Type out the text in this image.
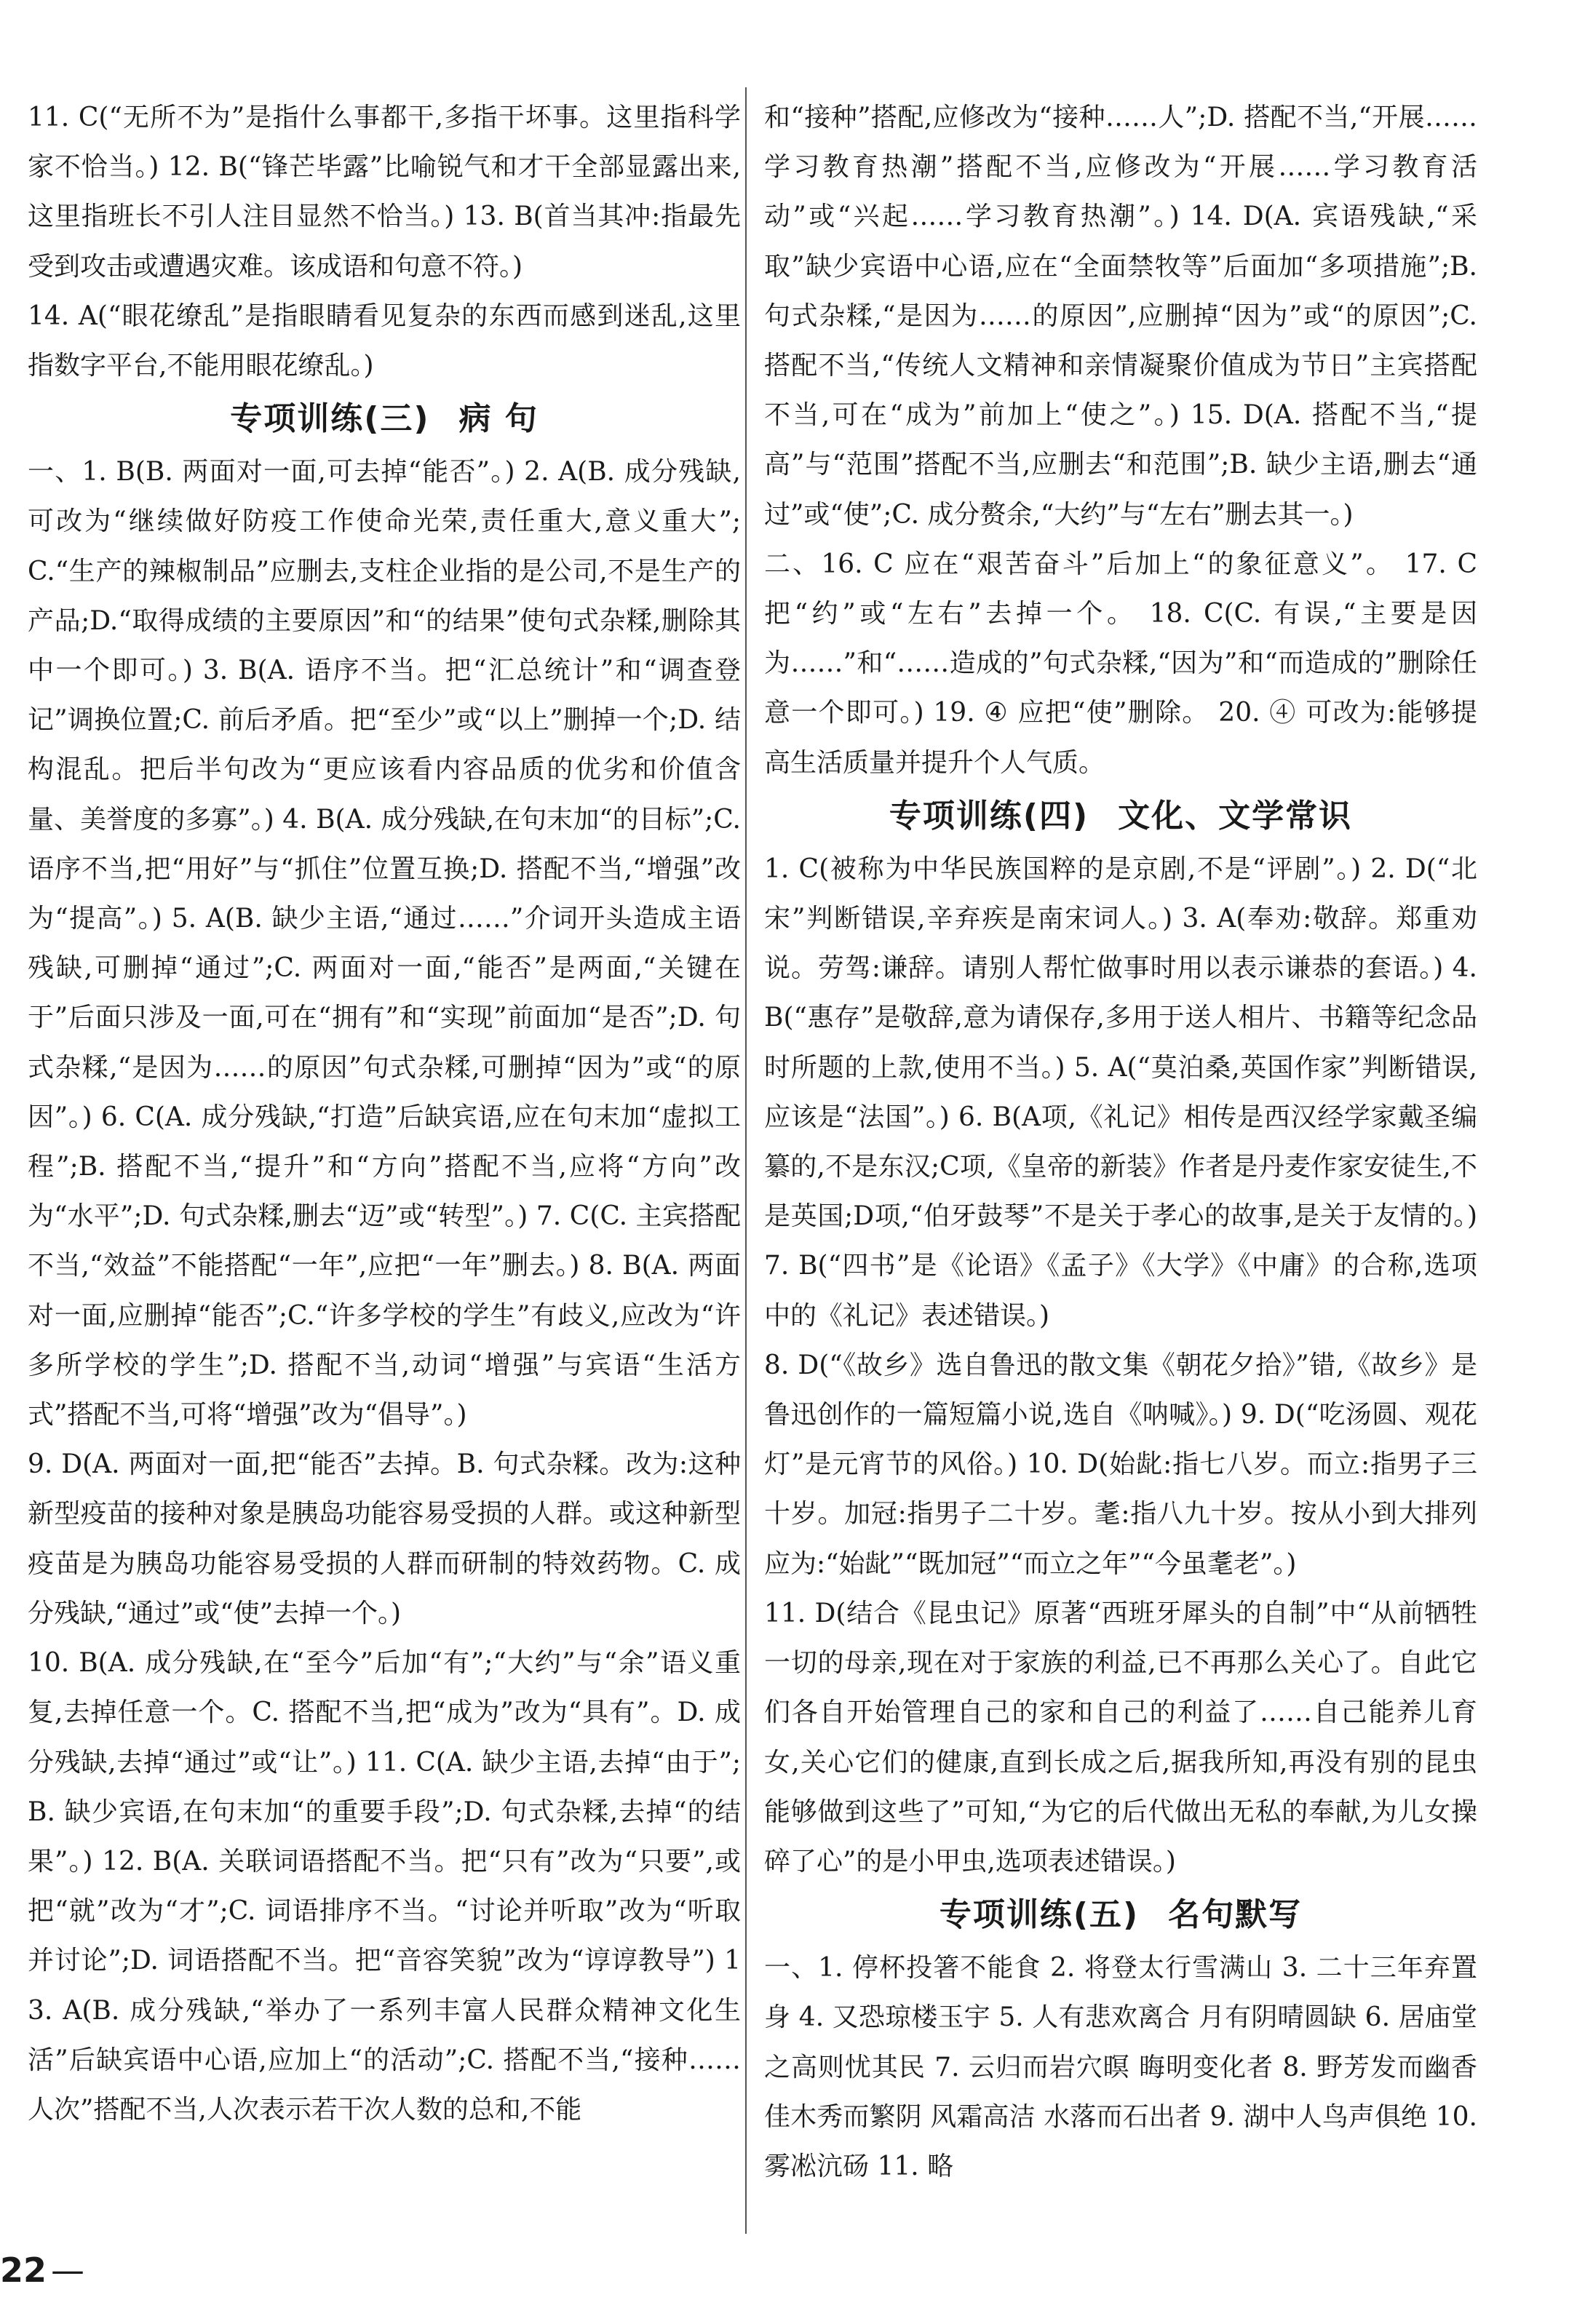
11. C(“无所不为”是指什么事都干,多指干坏事。这里指科学家不恰当。) 12. B(“锋芒毕露”比喻锐气和才干全部显露出来,这里指班长不引人注目显然不恰当。) 13. B(首当其冲:指最先受到攻击或遭遇灾难。该成语和句意不符。)

14. A(“眼花缭乱”是指眼睛看见复杂的东西而感到迷乱,这里指数字平台,不能用眼花缭乱。)

专项训练(三) 病 句

一、1. B(B. 两面对一面,可去掉“能否”。) 2. A(B. 成分残缺,可改为“继续做好防疫工作使命光荣,责任重大,意义重大”;C.“生产的辣椒制品”应删去,支柱企业指的是公司,不是生产的产品;D.“取得成绩的主要原因”和“的结果”使句式杂糅,删除其中一个即可。) 3. B(A. 语序不当。把“汇总统计”和“调查登记”调换位置;C. 前后矛盾。把“至少”或“以上”删掉一个;D. 结构混乱。把后半句改为“更应该看内容品质的优劣和价值含量、美誉度的多寡”。) 4. B(A. 成分残缺,在句末加“的目标”;C. 语序不当,把“用好”与“抓住”位置互换;D. 搭配不当,“增强”改为“提高”。) 5. A(B. 缺少主语,“通过……”介词开头造成主语残缺,可删掉“通过”;C. 两面对一面,“能否”是两面,“关键在于”后面只涉及一面,可在“拥有”和“实现”前面加“是否”;D. 句式杂糅,“是因为……的原因”句式杂糅,可删掉“因为”或“的原因”。) 6. C(A. 成分残缺,“打造”后缺宾语,应在句末加“虚拟工程”;B. 搭配不当,“提升”和“方向”搭配不当,应将“方向”改为“水平”;D. 句式杂糅,删去“迈”或“转型”。) 7. C(C. 主宾搭配不当,“效益”不能搭配“一年”,应把“一年”删去。) 8. B(A. 两面对一面,应删掉“能否”;C.“许多学校的学生”有歧义,应改为“许多所学校的学生”;D. 搭配不当,动词“增强”与宾语“生活方式”搭配不当,可将“增强”改为“倡导”。)

9. D(A. 两面对一面,把“能否”去掉。B. 句式杂糅。改为:这种新型疫苗的接种对象是胰岛功能容易受损的人群。或这种新型疫苗是为胰岛功能容易受损的人群而研制的特效药物。C. 成分残缺,“通过”或“使”去掉一个。)

10. B(A. 成分残缺,在“至今”后加“有”;“大约”与“余”语义重复,去掉任意一个。C. 搭配不当,把“成为”改为“具有”。D. 成分残缺,去掉“通过”或“让”。) 11. C(A. 缺少主语,去掉“由于”;B. 缺少宾语,在句末加“的重要手段”;D. 句式杂糅,去掉“的结果”。) 12. B(A. 关联词语搭配不当。把“只有”改为“只要”,或把“就”改为“才”;C. 词语排序不当。“讨论并听取”改为“听取并讨论”;D. 词语搭配不当。把“音容笑貌”改为“谆谆教导”) 13. A(B. 成分残缺,“举办了一系列丰富人民群众精神文化生活”后缺宾语中心语,应加上“的活动”;C. 搭配不当,“接种……人次”搭配不当,人次表示若干次人数的总和,不能

和“接种”搭配,应修改为“接种……人”;D. 搭配不当,“开展……学习教育热潮”搭配不当,应修改为“开展……学习教育活动”或“兴起……学习教育热潮”。) 14. D(A. 宾语残缺,“采取”缺少宾语中心语,应在“全面禁牧等”后面加“多项措施”;B. 句式杂糅,“是因为……的原因”,应删掉“因为”或“的原因”;C. 搭配不当,“传统人文精神和亲情凝聚价值成为节日”主宾搭配不当,可在“成为”前加上“使之”。) 15. D(A. 搭配不当,“提高”与“范围”搭配不当,应删去“和范围”;B. 缺少主语,删去“通过”或“使”;C. 成分赘余,“大约”与“左右”删去其一。)

二、16. C 应在“艰苦奋斗”后加上“的象征意义”。 17. C 把“约”或“左右”去掉一个。 18. C(C. 有误,“主要是因为……”和“……造成的”句式杂糅,“因为”和“而造成的”删除任意一个即可。) 19. ④ 应把“使”删除。 20. ④ 可改为:能够提高生活质量并提升个人气质。

专项训练(四) 文化、文学常识

1. C(被称为中华民族国粹的是京剧,不是“评剧”。) 2. D(“北宋”判断错误,辛弃疾是南宋词人。) 3. A(奉劝:敬辞。郑重劝说。劳驾:谦辞。请别人帮忙做事时用以表示谦恭的套语。) 4. B(“惠存”是敬辞,意为请保存,多用于送人相片、书籍等纪念品时所题的上款,使用不当。) 5. A(“莫泊桑,英国作家”判断错误,应该是“法国”。) 6. B(A项,《礼记》相传是西汉经学家戴圣编纂的,不是东汉;C项,《皇帝的新装》作者是丹麦作家安徒生,不是英国;D项,“伯牙鼓琴”不是关于孝心的故事,是关于友情的。) 7. B(“四书”是《论语》《孟子》《大学》《中庸》的合称,选项中的《礼记》表述错误。)

8. D(“《故乡》选自鲁迅的散文集《朝花夕拾》”错,《故乡》是鲁迅创作的一篇短篇小说,选自《呐喊》。) 9. D(“吃汤圆、观花灯”是元宵节的风俗。) 10. D(始龀:指七八岁。而立:指男子三十岁。加冠:指男子二十岁。耄:指八九十岁。按从小到大排列应为:“始龀”“既加冠”“而立之年”“今虽耄老”。)

11. D(结合《昆虫记》原著“西班牙犀头的自制”中“从前牺牲一切的母亲,现在对于家族的利益,已不再那么关心了。自此它们各自开始管理自己的家和自己的利益了……自己能养儿育女,关心它们的健康,直到长成之后,据我所知,再没有别的昆虫能够做到这些了”可知,“为它的后代做出无私的奉献,为儿女操碎了心”的是小甲虫,选项表述错误。)

专项训练(五) 名句默写

一、1. 停杯投箸不能食 2. 将登太行雪满山 3. 二十三年弃置身 4. 又恐琼楼玉宇 5. 人有悲欢离合 月有阴晴圆缺 6. 居庙堂之高则忧其民 7. 云归而岩穴暝 晦明变化者 8. 野芳发而幽香 佳木秀而繁阴 风霜高洁 水落而石出者 9. 湖中人鸟声俱绝 10. 雾凇沆砀 11. 略

22 —
